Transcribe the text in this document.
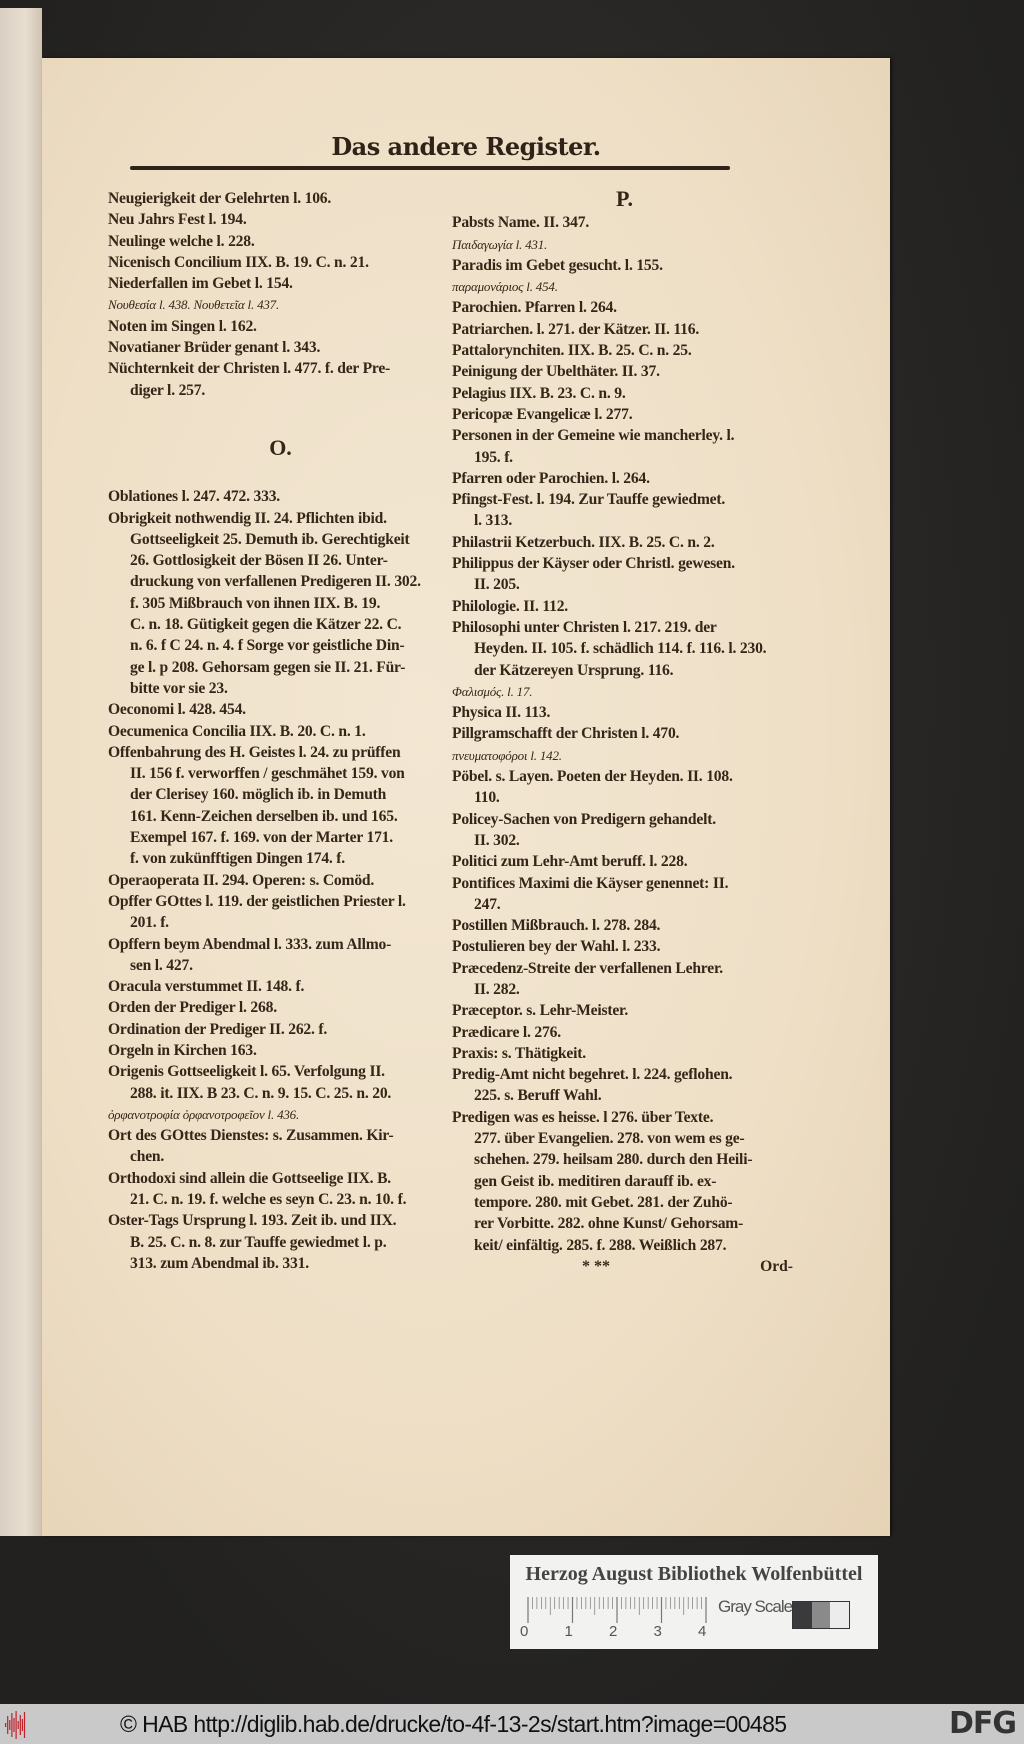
Das andere Register.
Neugierigkeit der Gelehrten l. 106.
Neu Jahrs Fest l. 194.
Neulinge welche l. 228.
Nicenisch Concilium IIX. B. 19. C. n. 21.
Niederfallen im Gebet l. 154.
Νουθεσία l. 438. Νουθετεῖα l. 437.
Noten im Singen l. 162.
Novatianer Brüder genant l. 343.
Nüchternkeit der Christen l. 477. f. der Pre-
diger l. 257.
O.
Oblationes l. 247. 472. 333.
Obrigkeit nothwendig II. 24. Pflichten ibid.
Gottseeligkeit 25. Demuth ib. Gerechtigkeit
26. Gottlosigkeit der Bösen II 26. Unter-
druckung von verfallenen Predigeren II. 302.
f. 305 Mißbrauch von ihnen IIX. B. 19.
C. n. 18. Gütigkeit gegen die Kätzer 22. C.
n. 6. f C 24. n. 4. f Sorge vor geistliche Din-
ge l. p 208. Gehorsam gegen sie II. 21. Für-
bitte vor sie 23.
Oeconomi l. 428. 454.
Oecumenica Concilia IIX. B. 20. C. n. 1.
Offenbahrung des H. Geistes l. 24. zu prüffen
II. 156 f. verworffen / geschmähet 159. von
der Clerisey 160. möglich ib. in Demuth
161. Kenn-Zeichen derselben ib. und 165.
Exempel 167. f. 169. von der Marter 171.
f. von zukünfftigen Dingen 174. f.
Operaoperata II. 294. Operen: s. Comöd.
Opffer GOttes l. 119. der geistlichen Priester l.
201. f.
Opffern beym Abendmal l. 333. zum Allmo-
sen l. 427.
Oracula verstummet II. 148. f.
Orden der Prediger l. 268.
Ordination der Prediger II. 262. f.
Orgeln in Kirchen 163.
Origenis Gottseeligkeit l. 65. Verfolgung II.
288. it. IIX. B 23. C. n. 9. 15. C. 25. n. 20.
ὀρφανοτροφία ὀρφανοτροφεῖον l. 436.
Ort des GOttes Dienstes: s. Zusammen. Kir-
chen.
Orthodoxi sind allein die Gottseelige IIX. B.
21. C. n. 19. f. welche es seyn C. 23. n. 10. f.
Oster-Tags Ursprung l. 193. Zeit ib. und IIX.
B. 25. C. n. 8. zur Tauffe gewiedmet l. p.
313. zum Abendmal ib. 331.
P.
Pabsts Name. II. 347.
Παιδαγωγία l. 431.
Paradis im Gebet gesucht. l. 155.
παραμονάριος l. 454.
Parochien. Pfarren l. 264.
Patriarchen. l. 271. der Kätzer. II. 116.
Pattalorynchiten. IIX. B. 25. C. n. 25.
Peinigung der Ubelthäter. II. 37.
Pelagius IIX. B. 23. C. n. 9.
Pericopæ Evangelicæ l. 277.
Personen in der Gemeine wie mancherley. l.
195. f.
Pfarren oder Parochien. l. 264.
Pfingst-Fest. l. 194. Zur Tauffe gewiedmet.
l. 313.
Philastrii Ketzerbuch. IIX. B. 25. C. n. 2.
Philippus der Käyser oder Christl. gewesen.
II. 205.
Philologie. II. 112.
Philosophi unter Christen l. 217. 219. der
Heyden. II. 105. f. schädlich 114. f. 116. l. 230.
der Kätzereyen Ursprung. 116.
Φαλισμός. l. 17.
Physica II. 113.
Pillgramschafft der Christen l. 470.
πνευματοφόροι l. 142.
Pöbel. s. Layen. Poeten der Heyden. II. 108.
110.
Policey-Sachen von Predigern gehandelt.
II. 302.
Politici zum Lehr-Amt beruff. l. 228.
Pontifices Maximi die Käyser genennet: II.
247.
Postillen Mißbrauch. l. 278. 284.
Postulieren bey der Wahl. l. 233.
Præcedenz-Streite der verfallenen Lehrer.
II. 282.
Præceptor. s. Lehr-Meister.
Prædicare l. 276.
Praxis: s. Thätigkeit.
Predig-Amt nicht begehret. l. 224. geflohen.
225. s. Beruff Wahl.
Predigen was es heisse. l 276. über Texte.
277. über Evangelien. 278. von wem es ge-
schehen. 279. heilsam 280. durch den Heili-
gen Geist ib. meditiren darauff ib. ex-
tempore. 280. mit Gebet. 281. der Zuhö-
rer Vorbitte. 282. ohne Kunst/ Gehorsam-
keit/ einfältig. 285. f. 288. Weißlich 287.
* **	Ord-
Herzog August Bibliothek Wolfenbüttel
0 1 2 3 4
Gray Scale
© HAB http://diglib.hab.de/drucke/to-4f-13-2s/start.htm?image=00485	DFG
